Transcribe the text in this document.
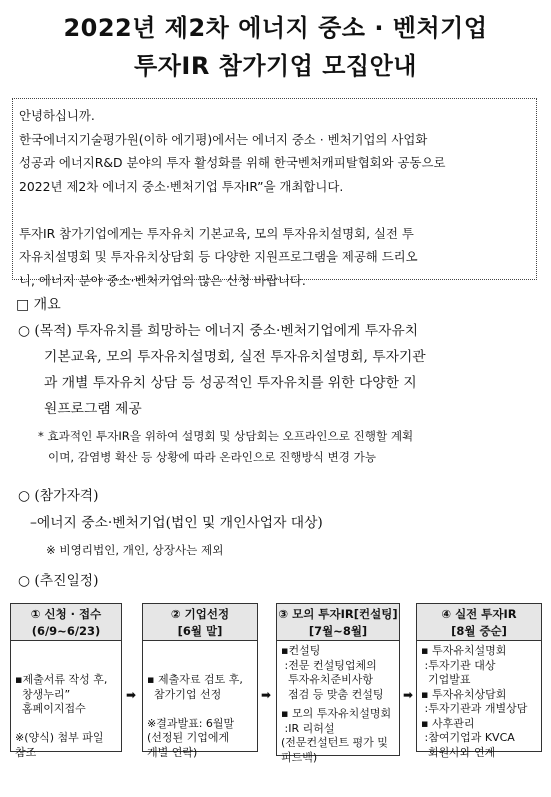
2022년 제2차 에너지 중소 · 벤처기업
투자IR 참가기업 모집안내
안녕하십니까.
한국에너지기술평가원(이하 에기평)에서는 에너지 중소 · 벤처기업의 사업화
성공과 에너지R&D 분야의 투자 활성화를 위해 한국벤처캐피탈협회와 공동으로
2022년 제2차 에너지 중소·벤처기업 투자IR”을 개최합니다.

투자IR 참가기업에게는 투자유치 기본교육, 모의 투자유치설명회, 실전 투
자유치설명회 및 투자유치상담회 등 다양한 지원프로그램을 제공해 드리오
니, 에너지 분야 중소·벤처기업의 많은 신청 바랍니다.
□ 개요
○ (목적) 투자유치를 희망하는 에너지 중소·벤처기업에게 투자유치
기본교육, 모의 투자유치설명회, 실전 투자유치설명회, 투자기관
과 개별 투자유치 상담 등 성공적인 투자유치를 위한 다양한 지
원프로그램 제공
* 효과적인 투자IR을 위하여 설명회 및 상담회는 오프라인으로 진행할 계획
이며, 감염병 확산 등 상황에 따라 온라인으로 진행방식 변경 가능
○ (참가자격)
–에너지 중소·벤처기업(법인 및 개인사업자 대상)
※ 비영리법인, 개인, 상장사는 제외
○ (추진일정)
① 신청 · 접수
(6/9~6/23)

▪제출서류 작성 후,
창생누리”
홈페이지접수

※(양식) 첨부 파일 참조
➡
② 기업선정
[6월 말]

▪ 제출자료 검토 후,
참가기업 선정

※결과발표: 6월말
(선정된 기업에게
개별 연락)
➡
③ 모의 투자IR[컨설팅]
[7월~8월]
▪컨설팅
:전문 컨설팅업체의
투자유치준비사항
점검 등 맞춤 컨설팅
▪ 모의 투자유치설명회
:IR 리허설
(전문컨설턴트 평가 및
피드백)
➡
④ 실전 투자IR
[8월 중순]
▪ 투자유치설명회
:투자기관 대상
기업발표
▪ 투자유치상담회
:투자기관과 개별상담
▪ 사후관리
:참여기업과 KVCA
회원사와 연계
